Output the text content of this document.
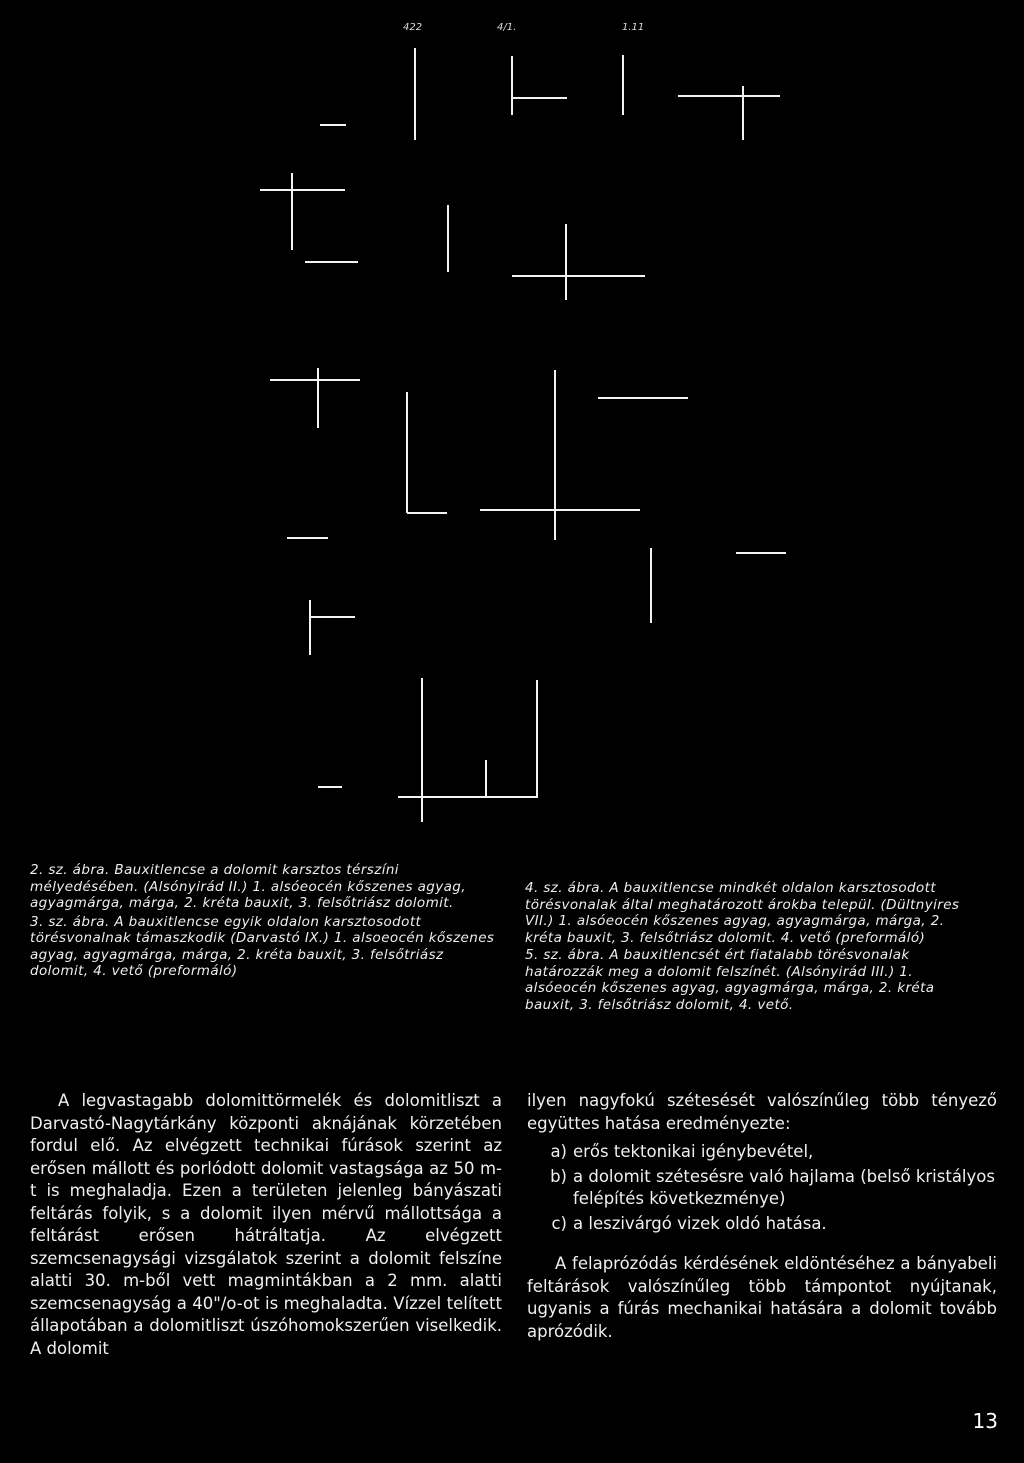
422	4/1.	1.11

2. sz. ábra. Bauxitlencse a dolomit karsztos térszíni mélyedésében. (Alsónyirád II.) 1. alsóeocén kőszenes agyag, agyagmárga, márga, 2. kréta bauxit, 3. felsőtriász dolomit.

3. sz. ábra. A bauxitlencse egyik oldalon karsztosodott törésvonalnak támaszkodik (Darvastó IX.) 1. alsoeocén kőszenes agyag, agyagmárga, márga, 2. kréta bauxit, 3. felsőtriász dolomit, 4. vető (preformáló)

4. sz. ábra. A bauxitlencse mindkét oldalon karsztosodott törésvonalak által meghatározott árokba települ. (Dültnyires VII.) 1. alsóeocén kőszenes agyag, agyagmárga, márga, 2. kréta bauxit, 3. felsőtriász dolomit. 4. vető (preformáló)

5. sz. ábra. A bauxitlencsét ért fiatalabb törésvonalak határozzák meg a dolomit felszínét. (Alsónyirád III.) 1. alsóeocén kőszenes agyag, agyagmárga, márga, 2. kréta bauxit, 3. felsőtriász dolomit, 4. vető.

A legvastagabb dolomittörmelék és dolomitliszt a Darvastó-Nagytárkány központi aknájának körzetében fordul elő. Az elvégzett technikai fúrások szerint az erősen mállott és porlódott dolomit vastagsága az 50 m-t is meghaladja. Ezen a területen jelenleg bányászati feltárás folyik, s a dolomit ilyen mérvű mállottsága a feltárást erősen hátráltatja. Az elvégzett szemcsenagysági vizsgálatok szerint a dolomit felszíne alatti 30. m-ből vett magmintákban a 2 mm. alatti szemcsenagyság a 40"/o-ot is meghaladta. Vízzel telített állapotában a dolomitliszt úszóhomokszerűen viselkedik. A dolomit

ilyen nagyfokú szétesését valószínűleg több tényező együttes hatása eredményezte:

a) erős tektonikai igénybevétel,
b) a dolomit szétesésre való hajlama (belső kristályos felépítés következménye)
c) a leszivárgó vizek oldó hatása.

A felaprózódás kérdésének eldöntéséhez a bányabeli feltárások valószínűleg több támpontot nyújtanak, ugyanis a fúrás mechanikai hatására a dolomit tovább aprózódik.

13
